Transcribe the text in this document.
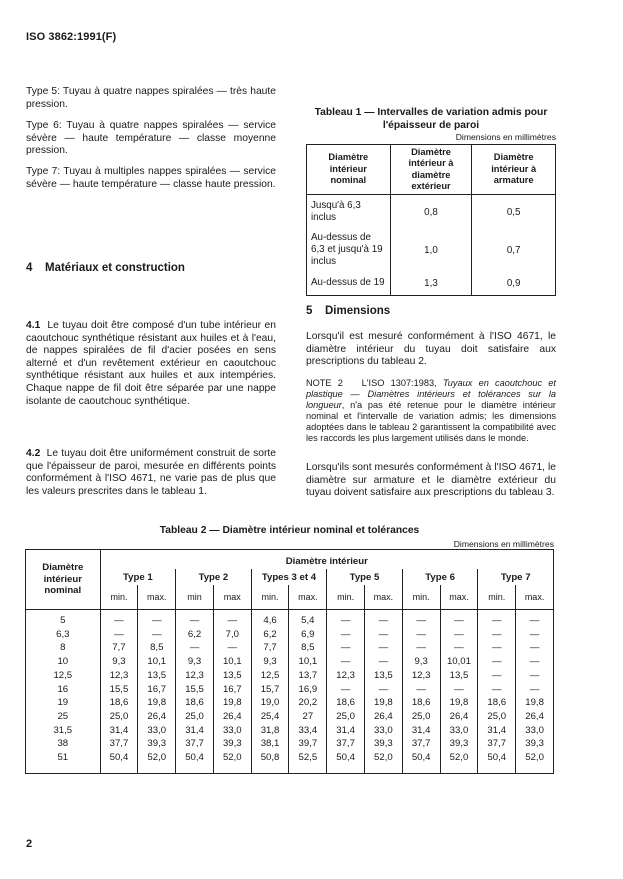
ISO 3862:1991(F)
Type 5: Tuyau à quatre nappes spiralées — très haute pression.
Type 6: Tuyau à quatre nappes spiralées — service sévère — haute température — classe moyenne pression.
Type 7: Tuyau à multiples nappes spiralées — service sévère — haute température — classe haute pression.
4 Matériaux et construction
4.1 Le tuyau doit être composé d'un tube intérieur en caoutchouc synthétique résistant aux huiles et à l'eau, de nappes spiralées de fil d'acier posées en sens alterné et d'un revêtement extérieur en caoutchouc synthétique résistant aux huiles et aux intempéries. Chaque nappe de fil doit être séparée par une nappe isolante de caoutchouc synthétique.
4.2 Le tuyau doit être uniformément construit de sorte que l'épaisseur de paroi, mesurée en différents points conformément à l'ISO 4671, ne varie pas de plus que les valeurs prescrites dans le tableau 1.
Tableau 1 — Intervalles de variation admis pour
l'épaisseur de paroi
Dimensions en millimètres
Diamètre intérieur nominal	Diamètre intérieur à diamètre extérieur	Diamètre intérieur à armature
Jusqu'à 6,3 inclus	0,8	0,5
Au-dessus de 6,3 et jusqu'à 19 inclus	1,0	0,7
Au-dessus de 19	1,3	0,9
5 Dimensions
Lorsqu'il est mesuré conformément à l'ISO 4671, le diamètre intérieur du tuyau doit satisfaire aux prescriptions du tableau 2.
NOTE 2 L'ISO 1307:1983, Tuyaux en caoutchouc et plastique — Diamètres intérieurs et tolérances sur la longueur, n'a pas été retenue pour le diamètre intérieur nominal et l'intervalle de variation admis; les dimensions adoptées dans le tableau 2 garantissent la compatibilité avec les raccords les plus largement utilisés dans le monde.
Lorsqu'ils sont mesurés conformément à l'ISO 4671, le diamètre sur armature et le diamètre extérieur du tuyau doivent satisfaire aux prescriptions du tableau 3.
Tableau 2 — Diamètre intérieur nominal et tolérances
Dimensions en millimètres
Diamètre intérieur nominal	Diamètre intérieur											
	Type 1		Type 2		Types 3 et 4		Type 5		Type 6		Type 7	
	min.	max.	min	max	min.	max.	min.	max.	min.	max.	min.	max.
5	—	—	—	—	4,6	5,4	—	—	—	—	—	—
6,3	—	—	6,2	7,0	6,2	6,9	—	—	—	—	—	—
8	7,7	8,5	—	—	7,7	8,5	—	—	—	—	—	—
10	9,3	10,1	9,3	10,1	9,3	10,1	—	—	9,3	10,01	—	—
12,5	12,3	13,5	12,3	13,5	12,5	13,7	12,3	13,5	12,3	13,5	—	—
16	15,5	16,7	15,5	16,7	15,7	16,9	—	—	—	—	—	—
19	18,6	19,8	18,6	19,8	19,0	20,2	18,6	19,8	18,6	19,8	18,6	19,8
25	25,0	26,4	25,0	26,4	25,4	27	25,0	26,4	25,0	26,4	25,0	26,4
31,5	31,4	33,0	31,4	33,0	31,8	33,4	31,4	33,0	31,4	33,0	31,4	33,0
38	37,7	39,3	37,7	39,3	38,1	39,7	37,7	39,3	37,7	39,3	37,7	39,3
51	50,4	52,0	50,4	52,0	50,8	52,5	50,4	52,0	50,4	52,0	50,4	52,0
2
